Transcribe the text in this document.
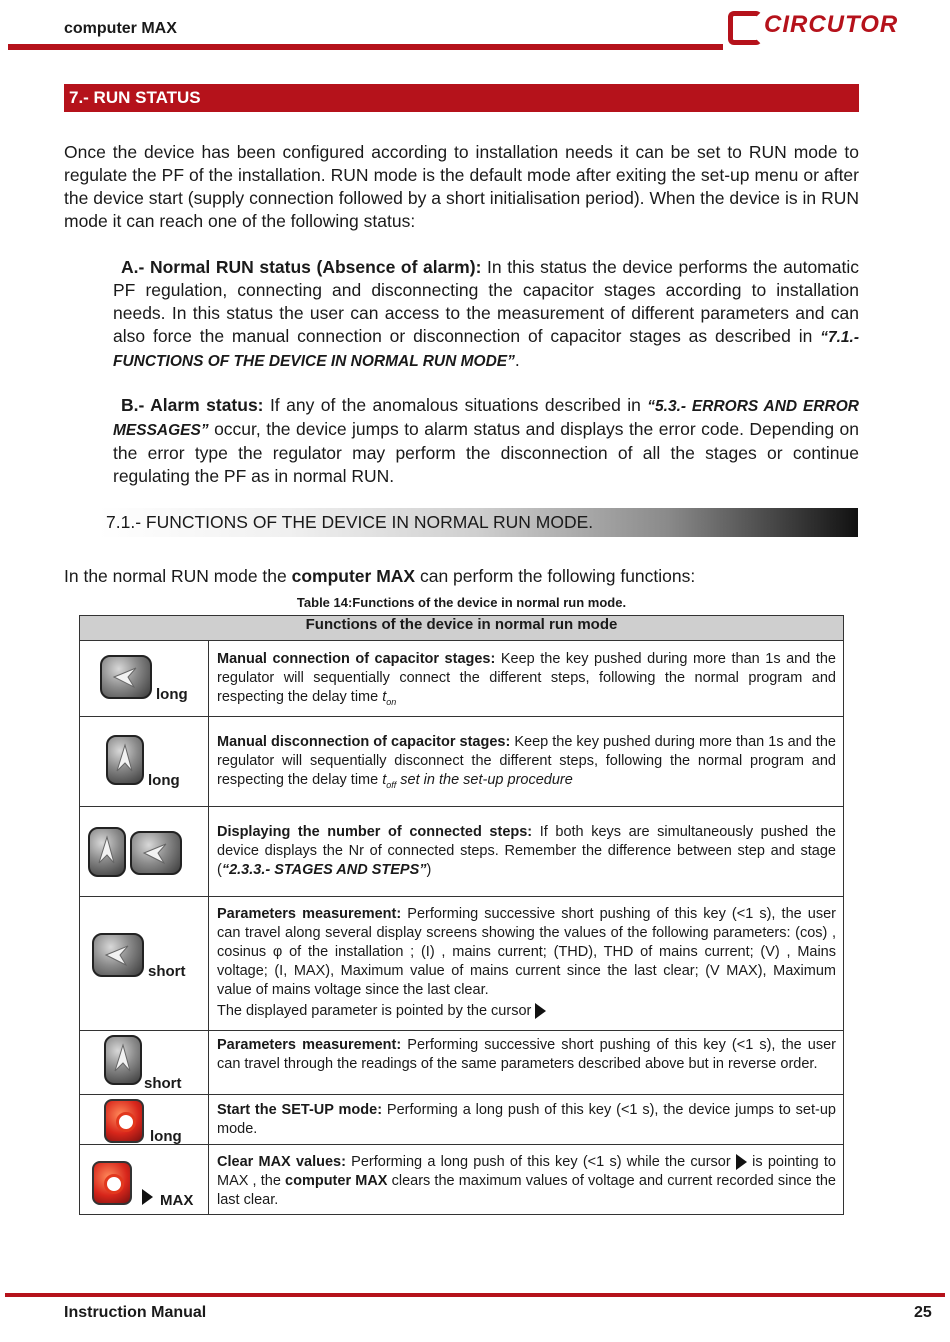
computer MAX	CIRCUTOR
7.- RUN STATUS
Once the device has been configured according to installation needs it can be set to RUN mode to regulate the PF of the installation. RUN mode is the default mode after exiting the set-up menu or after the device start (supply connection followed by a short initialisation period). When the device is in RUN mode it can reach one of the following status:
A.- Normal RUN status (Absence of alarm): In this status the device performs the automatic PF regulation, connecting and disconnecting the capacitor stages according to installation needs. In this status the user can access to the measurement of different parameters and can also force the manual connection or disconnection of capacitor stages as described in “7.1.- FUNCTIONS OF THE DEVICE IN NORMAL RUN MODE”.
B.- Alarm status: If any of the anomalous situations described in “5.3.- ERRORS AND ERROR MESSAGES” occur, the device jumps to alarm status and displays the error code. Depending on the error type the regulator may perform the disconnection of all the stages or continue regulating the PF as in normal RUN.
7.1.- FUNCTIONS OF THE DEVICE IN NORMAL RUN MODE.
In the normal RUN mode the computer MAX can perform the following functions:
Table 14:Functions of the device in normal run mode.
Functions of the device in normal run mode	

long	Manual connection of capacitor stages: Keep the key pushed during more than 1s and the regulator will sequentially connect the different steps, following the normal program and respecting the delay time $t_{on}$

long	Manual disconnection of capacitor stages: Keep the key pushed during more than 1s and the regulator will sequentially disconnect the different steps, following the normal program and respecting the delay time $t_{off}$ set in the set-up procedure

	Displaying the number of connected steps: If both keys are simultaneously pushed the device displays the Nr of connected steps. Remember the difference between step and stage (“2.3.3.- STAGES AND STEPS”)

short	Parameters measurement: Performing successive short pushing of this key (<1 s), the user can travel along several display screens showing the values of the following parameters: (cos) , cosinus φ of the installation ; (I) , mains current; (THD), THD of mains current; (V) , Mains voltage; (I, MAX), Maximum value of mains current since the last clear; (V MAX), Maximum value of mains voltage since the last clear.
The displayed parameter is pointed by the cursor

short	Parameters measurement: Performing successive short pushing of this key (<1 s), the user can travel through the readings of the same parameters described above but in reverse order.

long	Start the SET-UP mode: Performing a long push of this key (<1 s), the device jumps to set-up mode.

MAX	Clear MAX values: Performing a long push of this key (<1 s) while the cursor  is pointing to MAX , the computer MAX clears the maximum values of voltage and current recorded since the last clear.
Instruction Manual	25
